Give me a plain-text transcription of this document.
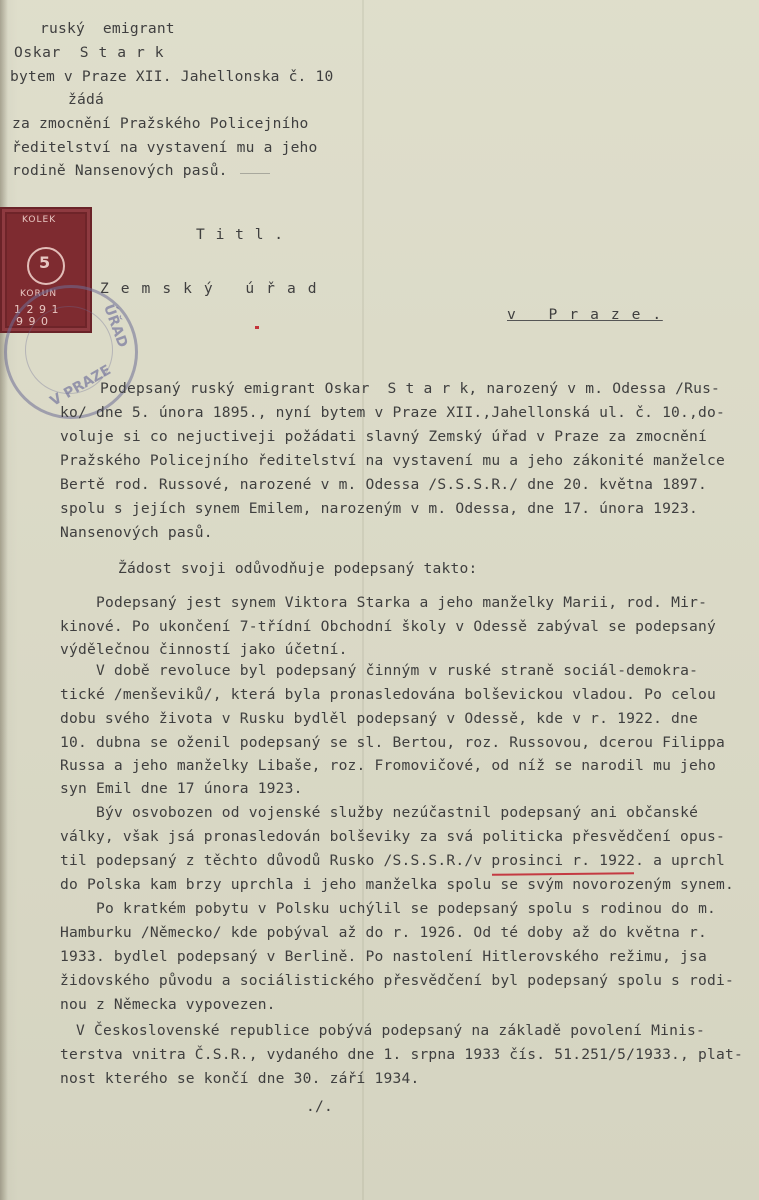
ruský  emigrant
Oskar  S t a r k
bytem v Praze XII. Jahellonska č. 10
žádá
za zmocnění Pražského Policejního
ředitelství na vystavení mu a jeho
rodině Nansenových pasů.
KOLEK
5
KORUN
1 2 9 1
9 9 0	ÚŘAD
V PRAZE
T i t l .
Z e m s k ý   ú ř a d
v   P r a z e .
Podepsaný ruský emigrant Oskar  S t a r k, narozený v m. Odessa /Rus-
ko/ dne 5. února 1895., nyní bytem v Praze XII.,Jahellonská ul. č. 10.,do-
voluje si co nejuctiveji požádati slavný Zemský úřad v Praze za zmocnění
Pražského Policejního ředitelství na vystavení mu a jeho zákonité manželce
Bertě rod. Russové, narozené v m. Odessa /S.S.S.R./ dne 20. května 1897.
spolu s jejích synem Emilem, narozeným v m. Odessa, dne 17. února 1923.
Nansenových pasů.
Žádost svoji odůvodňuje podepsaný takto:
Podepsaný jest synem Viktora Starka a jeho manželky Marii, rod. Mir-
kinové. Po ukončení 7-třídní Obchodní školy v Odessě zabýval se podepsaný
výdělečnou činností jako účetní.
V době revoluce byl podepsaný činným v ruské straně sociál-demokra-
tické /menševiků/, která byla pronasledována bolševickou vladou. Po celou
dobu svého života v Rusku bydlěl podepsaný v Odessě, kde v r. 1922. dne
10. dubna se oženil podepsaný se sl. Bertou, roz. Russovou, dcerou Filippa
Russa a jeho manželky Libaše, roz. Fromovičové, od níž se narodil mu jeho
syn Emil dne 17 února 1923.
Býv osvobozen od vojenské služby nezúčastnil podepsaný ani občanské
války, však jsá pronasledován bolševiky za svá politicka přesvědčení opus-
til podepsaný z těchto důvodů Rusko /S.S.S.R./v prosinci r. 1922. a uprchl
do Polska kam brzy uprchla i jeho manželka spolu se svým novorozeným synem.
Po kratkém pobytu v Polsku uchýlil se podepsaný spolu s rodinou do m.
Hamburku /Německo/ kde pobýval až do r. 1926. Od té doby až do května r.
1933. bydlel podepsaný v Berlině. Po nastolení Hitlerovského režimu, jsa
židovského původu a sociálistického přesvědčení byl podepsaný spolu s rodi-
nou z Německa vypovezen.
V Československé republice pobývá podepsaný na základě povolení Minis-
terstva vnitra Č.S.R., vydaného dne 1. srpna 1933 čís. 51.251/5/1933., plat-
nost kterého se končí dne 30. září 1934.
./.
